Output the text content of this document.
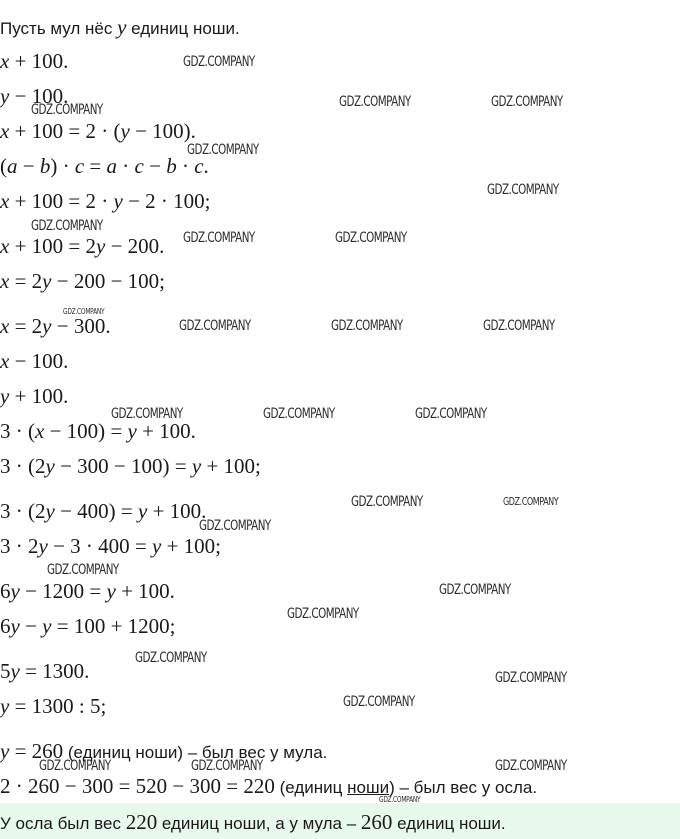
Пусть мул нёс y единиц ноши.
x + 100.
y − 100.
x + 100 = 2 · (y − 100).
(a − b) · c = a · c − b · c.
x + 100 = 2 · y − 2 · 100;
x + 100 = 2y − 200.
x = 2y − 200 − 100;
x = 2y − 300.
x − 100.
y + 100.
3 · (x − 100) = y + 100.
3 · (2y − 300 − 100) = y + 100;
3 · (2y − 400) = y + 100.
3 · 2y − 3 · 400 = y + 100;
6y − 1200 = y + 100.
6y − y = 100 + 1200;
5y = 1300.
y = 1300 : 5;
y = 260 (единиц ноши) – был вес у мула.
2 · 260 − 300 = 520 − 300 = 220 (единиц ноши) – был вес у осла.
У осла был вес 220 единиц ноши, а у мула – 260 единиц ноши.
GDZ.COMPANY
GDZ.COMPANY	GDZ.COMPANY	GDZ.COMPANY
GDZ.COMPANY
GDZ.COMPANY
GDZ.COMPANY
GDZ.COMPANY	GDZ.COMPANY
GDZ.COMPANY
GDZ.COMPANY	GDZ.COMPANY	GDZ.COMPANY
GDZ.COMPANY	GDZ.COMPANY	GDZ.COMPANY
GDZ.COMPANY	GDZ.COMPANY
GDZ.COMPANY
GDZ.COMPANY
GDZ.COMPANY
GDZ.COMPANY
GDZ.COMPANY
GDZ.COMPANY
GDZ.COMPANY
GDZ.COMPANY	GDZ.COMPANY	GDZ.COMPANY
GDZ.COMPANY
